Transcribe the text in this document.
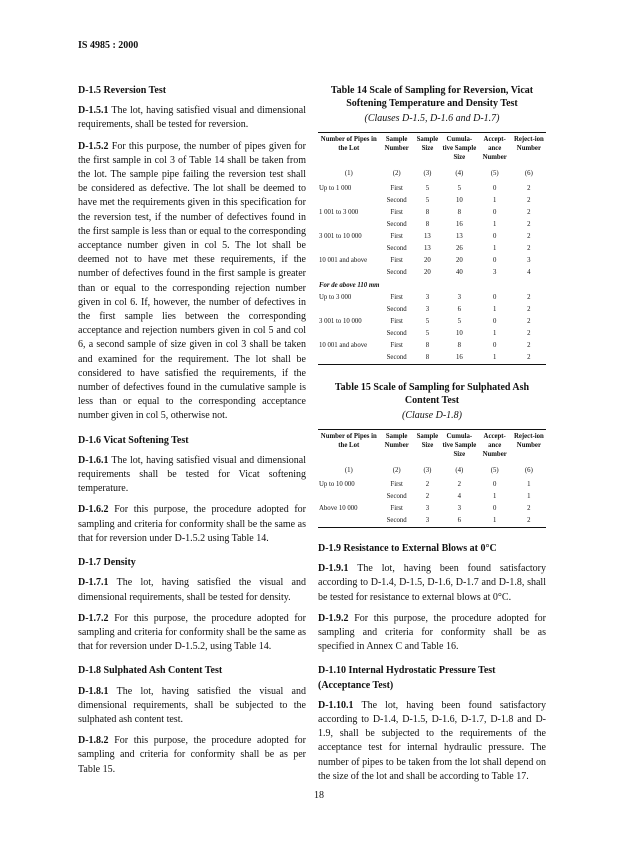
IS 4985 : 2000

D-1.5 Reversion Test

D-1.5.1 The lot, having satisfied visual and dimensional requirements, shall be tested for reversion.

D-1.5.2 For this purpose, the number of pipes given for the first sample in col 3 of Table 14 shall be taken from the lot. The sample pipe failing the reversion test shall be considered as defective. The lot shall be deemed to have met the requirements given in this specification for the reversion test, if the number of defectives found in the first sample is less than or equal to the corresponding acceptance number given in col 5. The lot shall be deemed not to have met these requirements, if the number of defectives found in the first sample is greater than or equal to the corresponding rejection number given in col 6. If, however, the number of defectives in the first sample lies between the corresponding acceptance and rejection numbers given in col 5 and col 6, a second sample of size given in col 3 shall be taken and examined for the requirement. The lot shall be considered to have satisfied the requirements, if the number of defectives found in the cumulative sample is less than or equal to the corresponding acceptance number given in col 5, otherwise not.

D-1.6 Vicat Softening Test

D-1.6.1 The lot, having satisfied visual and dimensional requirements shall be tested for Vicat softening temperature.

D-1.6.2 For this purpose, the procedure adopted for sampling and criteria for conformity shall be the same as that for reversion under D-1.5.2 using Table 14.

D-1.7 Density

D-1.7.1 The lot, having satisfied the visual and dimensional requirements, shall be tested for density.

D-1.7.2 For this purpose, the procedure adopted for sampling and criteria for conformity shall be the same as that for reversion under D-1.5.2, using Table 14.

D-1.8 Sulphated Ash Content Test

D-1.8.1 The lot, having satisfied the visual and dimensional requirements, shall be subjected to the sulphated ash content test.

D-1.8.2 For this purpose, the procedure adopted for sampling and criteria for conformity shall be as per Table 15.

Table 14 Scale of Sampling for Reversion, Vicat Softening Temperature and Density Test

(Clauses D-1.5, D-1.6 and D-1.7)

Number of Pipes in the Lot	Sample Number	Sample Size	Cumula-tive Sample Size	Accept-ance Number	Reject-ion Number
(1)	(2)	(3)	(4)	(5)	(6)
Up to 1 000	First	5	5	0	2
	Second	5	10	1	2
1 001 to 3 000	First	8	8	0	2
	Second	8	16	1	2
3 001 to 10 000	First	13	13	0	2
	Second	13	26	1	2
10 001 and above	First	20	20	0	3
	Second	20	40	3	4
For de above 110 mm					
Up to 3 000	First	3	3	0	2
	Second	3	6	1	2
3 001 to 10 000	First	5	5	0	2
	Second	5	10	1	2
10 001 and above	First	8	8	0	2
	Second	8	16	1	2

Table 15 Scale of Sampling for Sulphated Ash Content Test

(Clause D-1.8)

Number of Pipes in the Lot	Sample Number	Sample Size	Cumula-tive Sample Size	Accept-ance Number	Reject-ion Number
(1)	(2)	(3)	(4)	(5)	(6)
Up to 10 000	First	2	2	0	1
	Second	2	4	1	1
Above 10 000	First	3	3	0	2
	Second	3	6	1	2

D-1.9 Resistance to External Blows at 0°C

D-1.9.1 The lot, having been found satisfactory according to D-1.4, D-1.5, D-1.6, D-1.7 and D-1.8, shall be tested for resistance to external blows at 0°C.

D-1.9.2 For this purpose, the procedure adopted for sampling and criteria for conformity shall be as specified in Annex C and Table 16.

D-1.10 Internal Hydrostatic Pressure Test (Acceptance Test)

D-1.10.1 The lot, having been found satisfactory according to D-1.4, D-1.5, D-1.6, D-1.7, D-1.8 and D-1.9, shall be subjected to the requirements of the acceptance test for internal hydraulic pressure. The number of pipes to be taken from the lot shall depend on the size of the lot and shall be according to Table 17.

18
